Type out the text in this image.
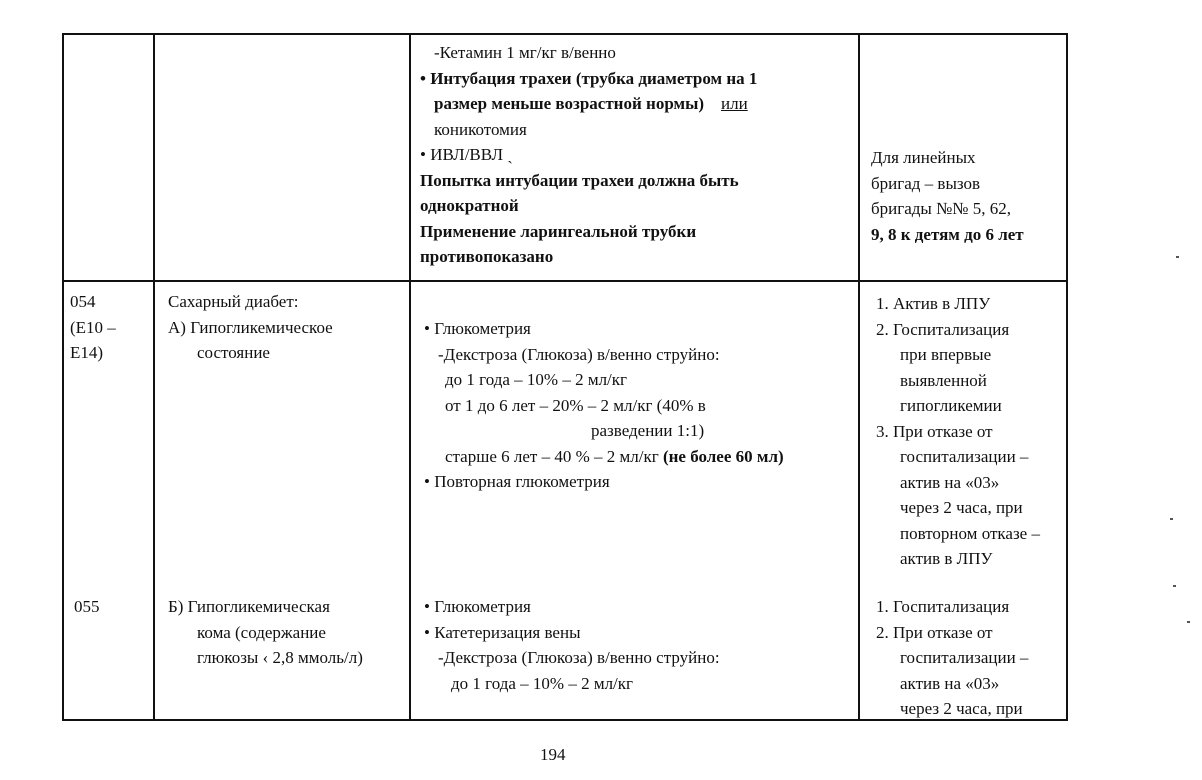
-Кетамин 1 мг/кг в/венно
• Интубация трахеи (трубка диаметром на 1
размер меньше возрастной нормы) или
коникотомия
• ИВЛ/ВВЛ ˎ
Попытка интубации трахеи должна быть
однократной
Применение ларингеальной трубки
противопоказано
Для линейных
бригад – вызов
бригады №№ 5, 62,
9, 8 к детям до 6 лет
054
(E10 –
E14)
Сахарный диабет:
А) Гипогликемическое
состояние
• Глюкометрия
-Декстроза (Глюкоза) в/венно струйно:
до 1 года – 10% – 2 мл/кг
от 1 до 6 лет – 20% – 2 мл/кг (40% в
разведении 1:1)
старше 6 лет – 40 % – 2 мл/кг (не более 60 мл)
• Повторная глюкометрия
1. Актив в ЛПУ
2. Госпитализация
при впервые
выявленной
гипогликемии
3. При отказе от
госпитализации –
актив на «03»
через 2 часа, при
повторном отказе –
актив в ЛПУ
055	Б) Гипогликемическая
кома (содержание
глюкозы ‹ 2,8 ммоль/л)
• Глюкометрия
• Катетеризация вены
-Декстроза (Глюкоза) в/венно струйно:
до 1 года – 10% – 2 мл/кг
1. Госпитализация
2. При отказе от
госпитализации –
актив на «03»
через 2 часа, при
194
